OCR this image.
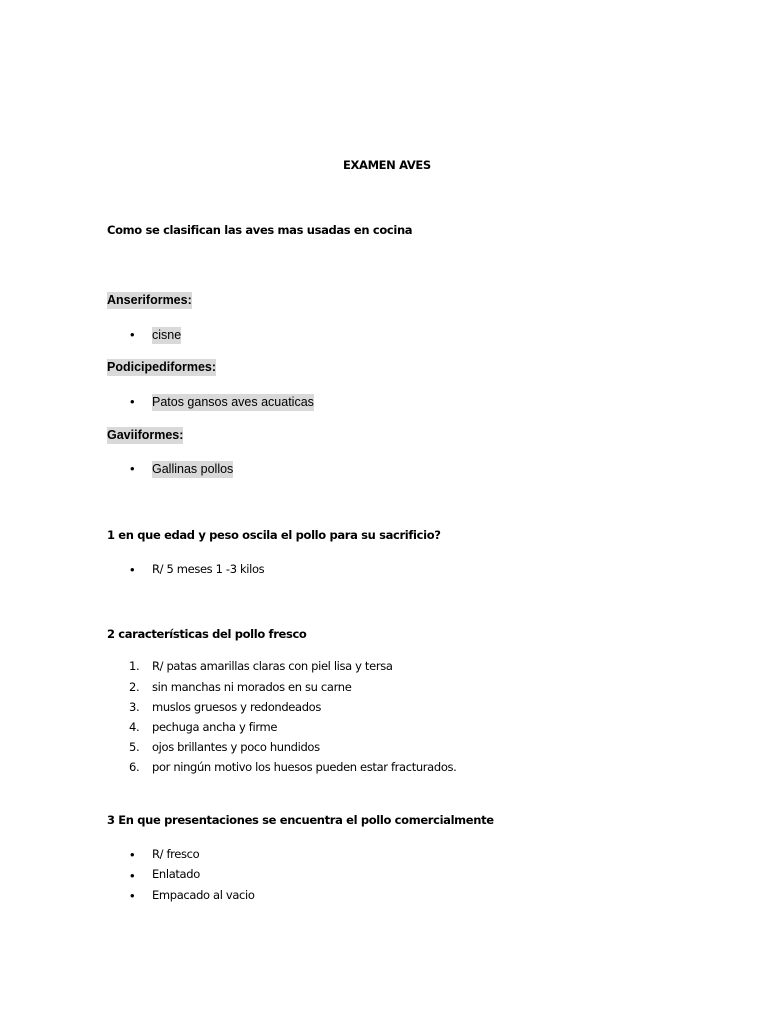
EXAMEN AVES
Como se clasifican las aves mas usadas en cocina
Anseriformes:
• cisne
Podicipediformes:
• Patos gansos aves acuaticas
Gaviiformes:
• Gallinas pollos
1 en que edad y peso oscila el pollo para su sacrificio?
• R/ 5 meses 1 -3 kilos
2 características del pollo fresco
1. R/ patas amarillas claras con piel lisa y tersa
2. sin manchas ni morados en su carne
3. muslos gruesos y redondeados
4. pechuga ancha y firme
5. ojos brillantes y poco hundidos
6. por ningún motivo los huesos pueden estar fracturados.
3 En que presentaciones se encuentra el pollo comercialmente
• R/ fresco
• Enlatado
• Empacado al vacio
